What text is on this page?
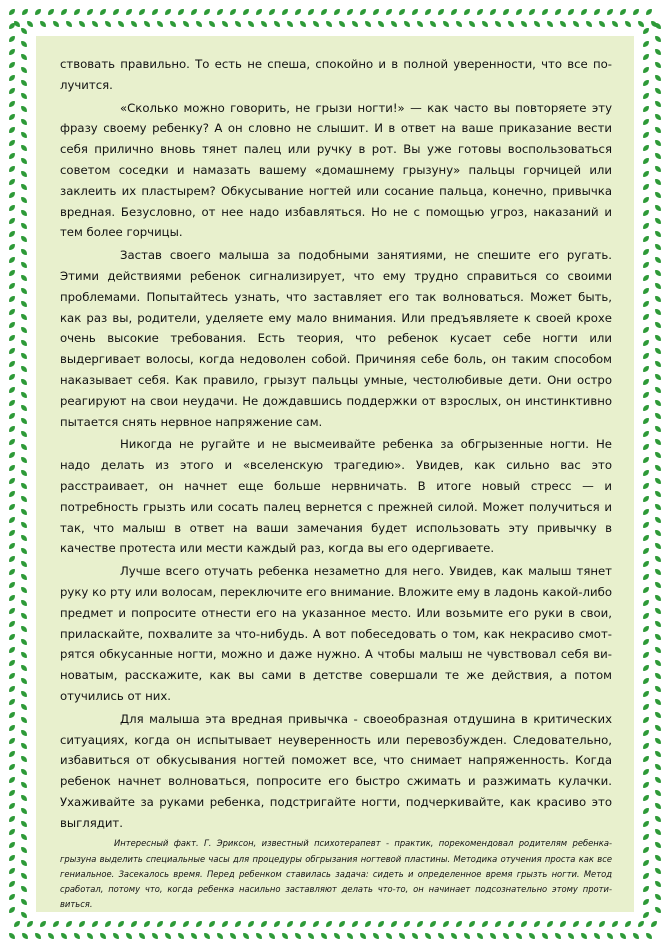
ствовать правильно. То есть не спеша, спокойно и в полной уверенности, что все получится.

«Сколько можно говорить, не грызи ногти!» — как часто вы повторяете эту фразу своему ребенку? А он словно не слышит. И в ответ на ваше приказание вести себя прилично вновь тянет палец или ручку в рот. Вы уже готовы воспользоваться советом соседки и намазать вашему «домашнему грызуну» пальцы горчицей или заклеить их пластырем? Обкусывание ногтей или сосание пальца, конечно, привычка вредная. Безусловно, от нее надо избавляться. Но не с помощью угроз, наказаний и тем более горчицы.

Застав своего малыша за подобными занятиями, не спешите его ругать. Этими действиями ребенок сигнализирует, что ему трудно справиться со своими проблемами. Попытайтесь узнать, что заставляет его так волноваться. Может быть, как раз вы, родители, уделяете ему мало внимания. Или предъявляете к своей крохе очень высокие требования. Есть теория, что ребенок кусает себе ногти или выдергивает волосы, когда недоволен собой. Причиняя себе боль, он таким способом наказывает себя. Как правило, грызут пальцы умные, честолюбивые дети. Они остро реагируют на свои неудачи. Не дождавшись поддержки от взрослых, он инстинктивно пытается снять нервное напряжение сам.

Никогда не ругайте и не высмеивайте ребенка за обгрызенные ногти. Не надо делать из этого и «вселенскую трагедию». Увидев, как сильно вас это расстраивает, он начнет еще больше нервничать. В итоге новый стресс — и потребность грызть или сосать палец вернется с прежней силой. Может получиться и так, что малыш в ответ на ваши замечания будет использовать эту привычку в качестве протеста или мести каждый раз, когда вы его одергиваете.

Лучше всего отучать ребенка незаметно для него. Увидев, как малыш тянет руку ко рту или волосам, переключите его внимание. Вложите ему в ладонь какой-либо предмет и попросите отнести его на указанное место. Или возьмите его руки в свои, приласкайте, похвалите за что-нибудь. А вот побеседовать о том, как некрасиво смотрятся обкусанные ногти, можно и даже нужно. А чтобы малыш не чувствовал себя виноватым, расскажите, как вы сами в детстве совершали те же действия, а потом отучились от них.

Для малыша эта вредная привычка - своеобразная отдушина в критических ситуациях, когда он испытывает неуверенность или перевозбужден. Следовательно, избавиться от обкусывания ногтей поможет все, что снимает напряженность. Когда ребенок начнет волноваться, попросите его быстро сжимать и разжимать кулачки. Ухаживайте за руками ребенка, подстригайте ногти, подчеркивайте, как красиво это выглядит.

Интересный факт. Г. Эриксон, известный психотерапевт - практик, порекомендовал родителям ребенка-грызуна выделить специальные часы для процедуры обгрызания ногтевой пластины. Методика отучения проста как все гениальное. Засекалось время. Перед ребенком ставилась задача: сидеть и определенное время грызть ногти. Метод сработал, потому что, когда ребенка насильно заставляют делать что-то, он начинает подсознательно этому противиться.
